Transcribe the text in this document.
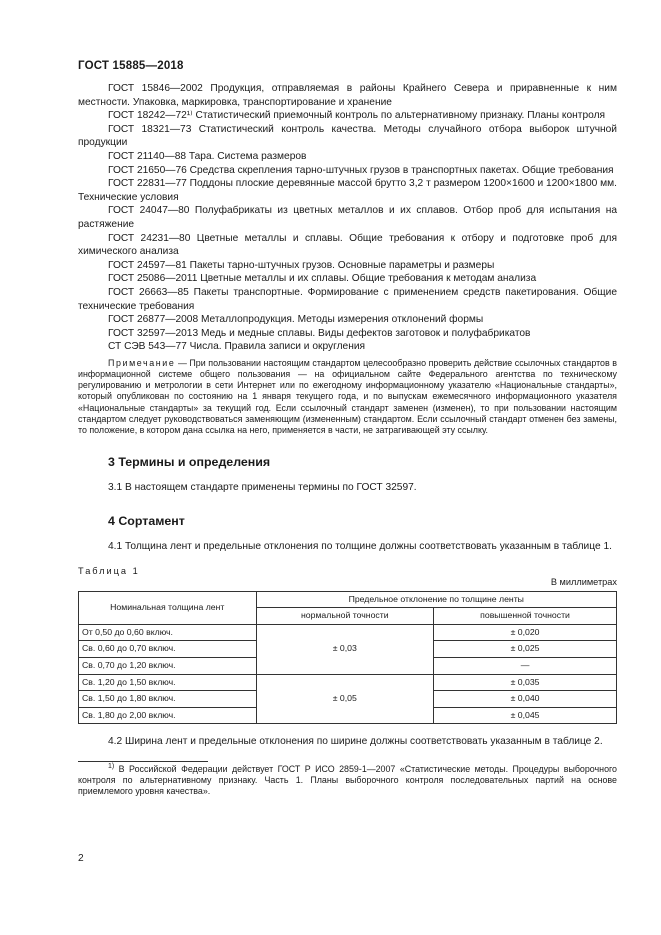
ГОСТ 15885—2018
ГОСТ 15846—2002 Продукция, отправляемая в районы Крайнего Севера и приравненные к ним местности. Упаковка, маркировка, транспортирование и хранение
ГОСТ 18242—72¹⁾ Статистический приемочный контроль по альтернативному признаку. Планы контроля
ГОСТ 18321—73 Статистический контроль качества. Методы случайного отбора выборок штучной продукции
ГОСТ 21140—88 Тара. Система размеров
ГОСТ 21650—76 Средства скрепления тарно-штучных грузов в транспортных пакетах. Общие требования
ГОСТ 22831—77 Поддоны плоские деревянные массой брутто 3,2 т размером 1200×1600 и 1200×1800 мм. Технические условия
ГОСТ 24047—80 Полуфабрикаты из цветных металлов и их сплавов. Отбор проб для испытания на растяжение
ГОСТ 24231—80 Цветные металлы и сплавы. Общие требования к отбору и подготовке проб для химического анализа
ГОСТ 24597—81 Пакеты тарно-штучных грузов. Основные параметры и размеры
ГОСТ 25086—2011 Цветные металлы и их сплавы. Общие требования к методам анализа
ГОСТ 26663—85 Пакеты транспортные. Формирование с применением средств пакетирования. Общие технические требования
ГОСТ 26877—2008 Металлопродукция. Методы измерения отклонений формы
ГОСТ 32597—2013 Медь и медные сплавы. Виды дефектов заготовок и полуфабрикатов
СТ СЭВ 543—77 Числа. Правила записи и округления
Примечание — При пользовании настоящим стандартом целесообразно проверить действие ссылочных стандартов в информационной системе общего пользования — на официальном сайте Федерального агентства по техническому регулированию и метрологии в сети Интернет или по ежегодному информационному указателю «Национальные стандарты», который опубликован по состоянию на 1 января текущего года, и по выпускам ежемесячного информационного указателя «Национальные стандарты» за текущий год. Если ссылочный стандарт заменен (изменен), то при пользовании настоящим стандартом следует руководствоваться заменяющим (измененным) стандартом. Если ссылочный стандарт отменен без замены, то положение, в котором дана ссылка на него, применяется в части, не затрагивающей эту ссылку.
3 Термины и определения
3.1 В настоящем стандарте применены термины по ГОСТ 32597.
4 Сортамент
4.1 Толщина лент и предельные отклонения по толщине должны соответствовать указанным в таблице 1.
Таблица 1
В миллиметрах
Номинальная толщина лент	Предельное отклонение по толщине ленты	
	нормальной точности	повышенной точности
От 0,50 до 0,60 включ.	± 0,03	± 0,020
Св. 0,60 до 0,70 включ.		± 0,025
Св. 0,70 до 1,20 включ.		—
Св. 1,20 до 1,50 включ.	± 0,05	± 0,035
Св. 1,50 до 1,80 включ.		± 0,040
Св. 1,80 до 2,00 включ.		± 0,045
4.2 Ширина лент и предельные отклонения по ширине должны соответствовать указанным в таблице 2.
$^{1)}$ В Российской Федерации действует ГОСТ Р ИСО 2859-1—2007 «Статистические методы. Процедуры выборочного контроля по альтернативному признаку. Часть 1. Планы выборочного контроля последовательных партий на основе приемлемого уровня качества».
2
